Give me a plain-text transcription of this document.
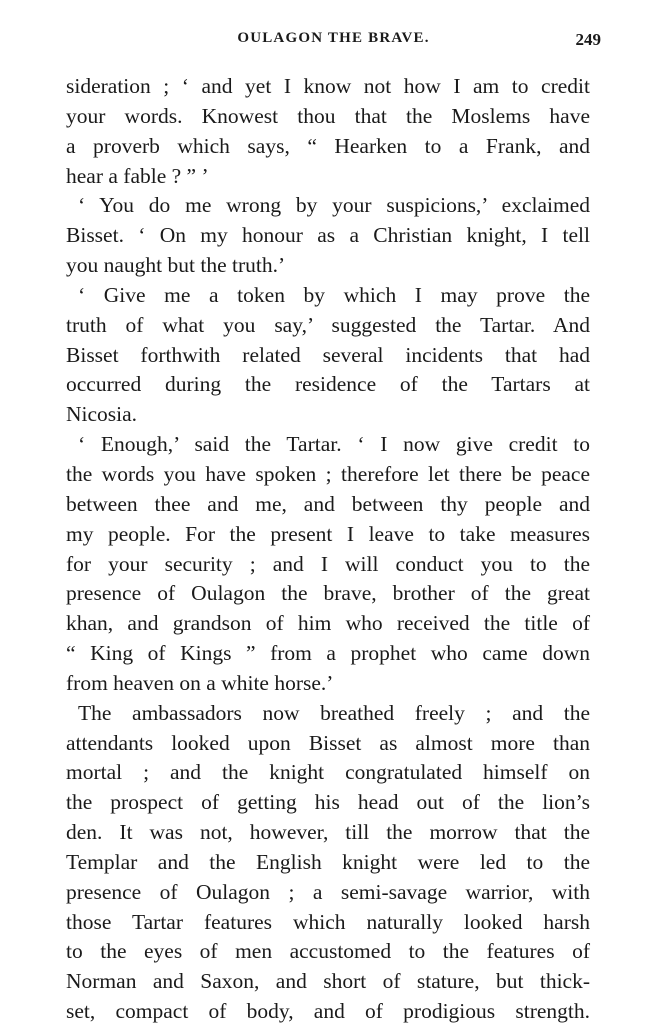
OULAGON THE BRAVE.	249
sideration ; ‘ and yet I know not how I am to credit
your words. Knowest thou that the Moslems have
a proverb which says, “ Hearken to a Frank, and
hear a fable ? ” ’
‘ You do me wrong by your suspicions,’ exclaimed
Bisset. ‘ On my honour as a Christian knight, I tell
you naught but the truth.’
‘ Give me a token by which I may prove the
truth of what you say,’ suggested the Tartar. And
Bisset forthwith related several incidents that had
occurred during the residence of the Tartars at
Nicosia.
‘ Enough,’ said the Tartar. ‘ I now give credit to
the words you have spoken ; therefore let there be peace
between thee and me, and between thy people and
my people. For the present I leave to take measures
for your security ; and I will conduct you to the
presence of Oulagon the brave, brother of the great
khan, and grandson of him who received the title of
“ King of Kings ” from a prophet who came down
from heaven on a white horse.’
The ambassadors now breathed freely ; and the
attendants looked upon Bisset as almost more than
mortal ; and the knight congratulated himself on
the prospect of getting his head out of the lion’s
den. It was not, however, till the morrow that the
Templar and the English knight were led to the
presence of Oulagon ; a semi-savage warrior, with
those Tartar features which naturally looked harsh
to the eyes of men accustomed to the features of
Norman and Saxon, and short of stature, but thick-
set, compact of body, and of prodigious strength.
